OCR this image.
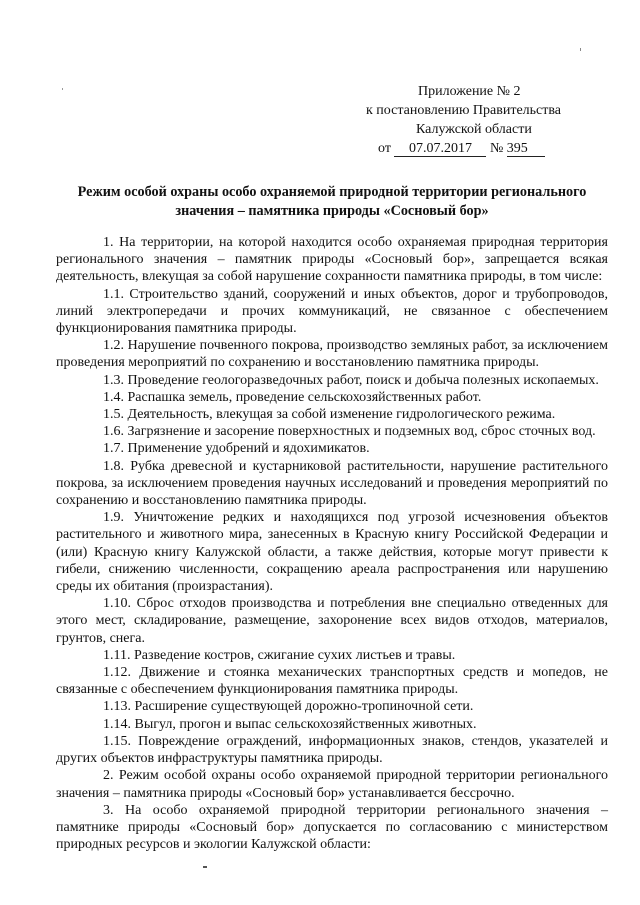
Приложение № 2
к постановлению Правительства
Калужской области
от 07.07.2017 № 395
Режим особой охраны особо охраняемой природной территории регионального значения – памятника природы «Сосновый бор»

1. На территории, на которой находится особо охраняемая природная территория регионального значения – памятник природы «Сосновый бор», запрещается всякая деятельность, влекущая за собой нарушение сохранности памятника природы, в том числе:

1.1. Строительство зданий, сооружений и иных объектов, дорог и трубопроводов, линий электропередачи и прочих коммуникаций, не связанное с обеспечением функционирования памятника природы.

1.2. Нарушение почвенного покрова, производство земляных работ, за исключением проведения мероприятий по сохранению и восстановлению памятника природы.

1.3. Проведение геологоразведочных работ, поиск и добыча полезных ископаемых.

1.4. Распашка земель, проведение сельскохозяйственных работ.

1.5. Деятельность, влекущая за собой изменение гидрологического режима.

1.6. Загрязнение и засорение поверхностных и подземных вод, сброс сточных вод.

1.7. Применение удобрений и ядохимикатов.

1.8. Рубка древесной и кустарниковой растительности, нарушение растительного покрова, за исключением проведения научных исследований и проведения мероприятий по сохранению и восстановлению памятника природы.

1.9. Уничтожение редких и находящихся под угрозой исчезновения объектов растительного и животного мира, занесенных в Красную книгу Российской Федерации и (или) Красную книгу Калужской области, а также действия, которые могут привести к гибели, снижению численности, сокращению ареала распространения или нарушению среды их обитания (произрастания).

1.10. Сброс отходов производства и потребления вне специально отведенных для этого мест, складирование, размещение, захоронение всех видов отходов, материалов, грунтов, снега.

1.11. Разведение костров, сжигание сухих листьев и травы.

1.12. Движение и стоянка механических транспортных средств и мопедов, не связанные с обеспечением функционирования памятника природы.

1.13. Расширение существующей дорожно-тропиночной сети.

1.14. Выгул, прогон и выпас сельскохозяйственных животных.

1.15. Повреждение ограждений, информационных знаков, стендов, указателей и других объектов инфраструктуры памятника природы.

2. Режим особой охраны особо охраняемой природной территории регионального значения – памятника природы «Сосновый бор» устанавливается бессрочно.

3. На особо охраняемой природной территории регионального значения – памятнике природы «Сосновый бор» допускается по согласованию с министерством природных ресурсов и экологии Калужской области:
